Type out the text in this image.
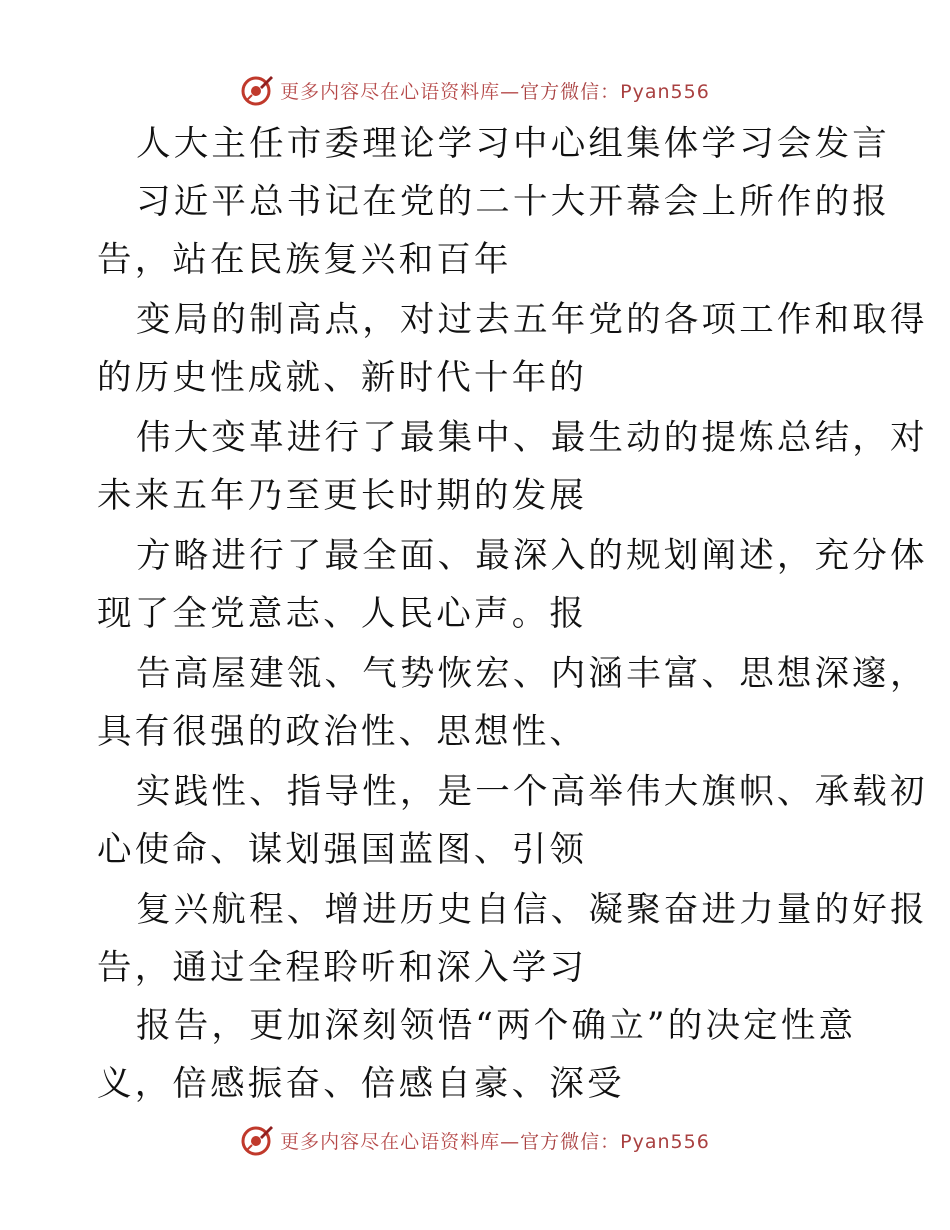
更多内容尽在心语资料库—官方微信：Pyan556
人大主任市委理论学习中心组集体学习会发言
习近平总书记在党的二十大开幕会上所作的报
告，站在民族复兴和百年
变局的制高点，对过去五年党的各项工作和取得
的历史性成就、新时代十年的
伟大变革进行了最集中、最生动的提炼总结，对
未来五年乃至更长时期的发展
方略进行了最全面、最深入的规划阐述，充分体
现了全党意志、人民心声。报
告高屋建瓴、气势恢宏、内涵丰富、思想深邃，
具有很强的政治性、思想性、
实践性、指导性，是一个高举伟大旗帜、承载初
心使命、谋划强国蓝图、引领
复兴航程、增进历史自信、凝聚奋进力量的好报
告，通过全程聆听和深入学习
报告，更加深刻领悟“两个确立”的决定性意
义，倍感振奋、倍感自豪、深受
更多内容尽在心语资料库—官方微信：Pyan556
